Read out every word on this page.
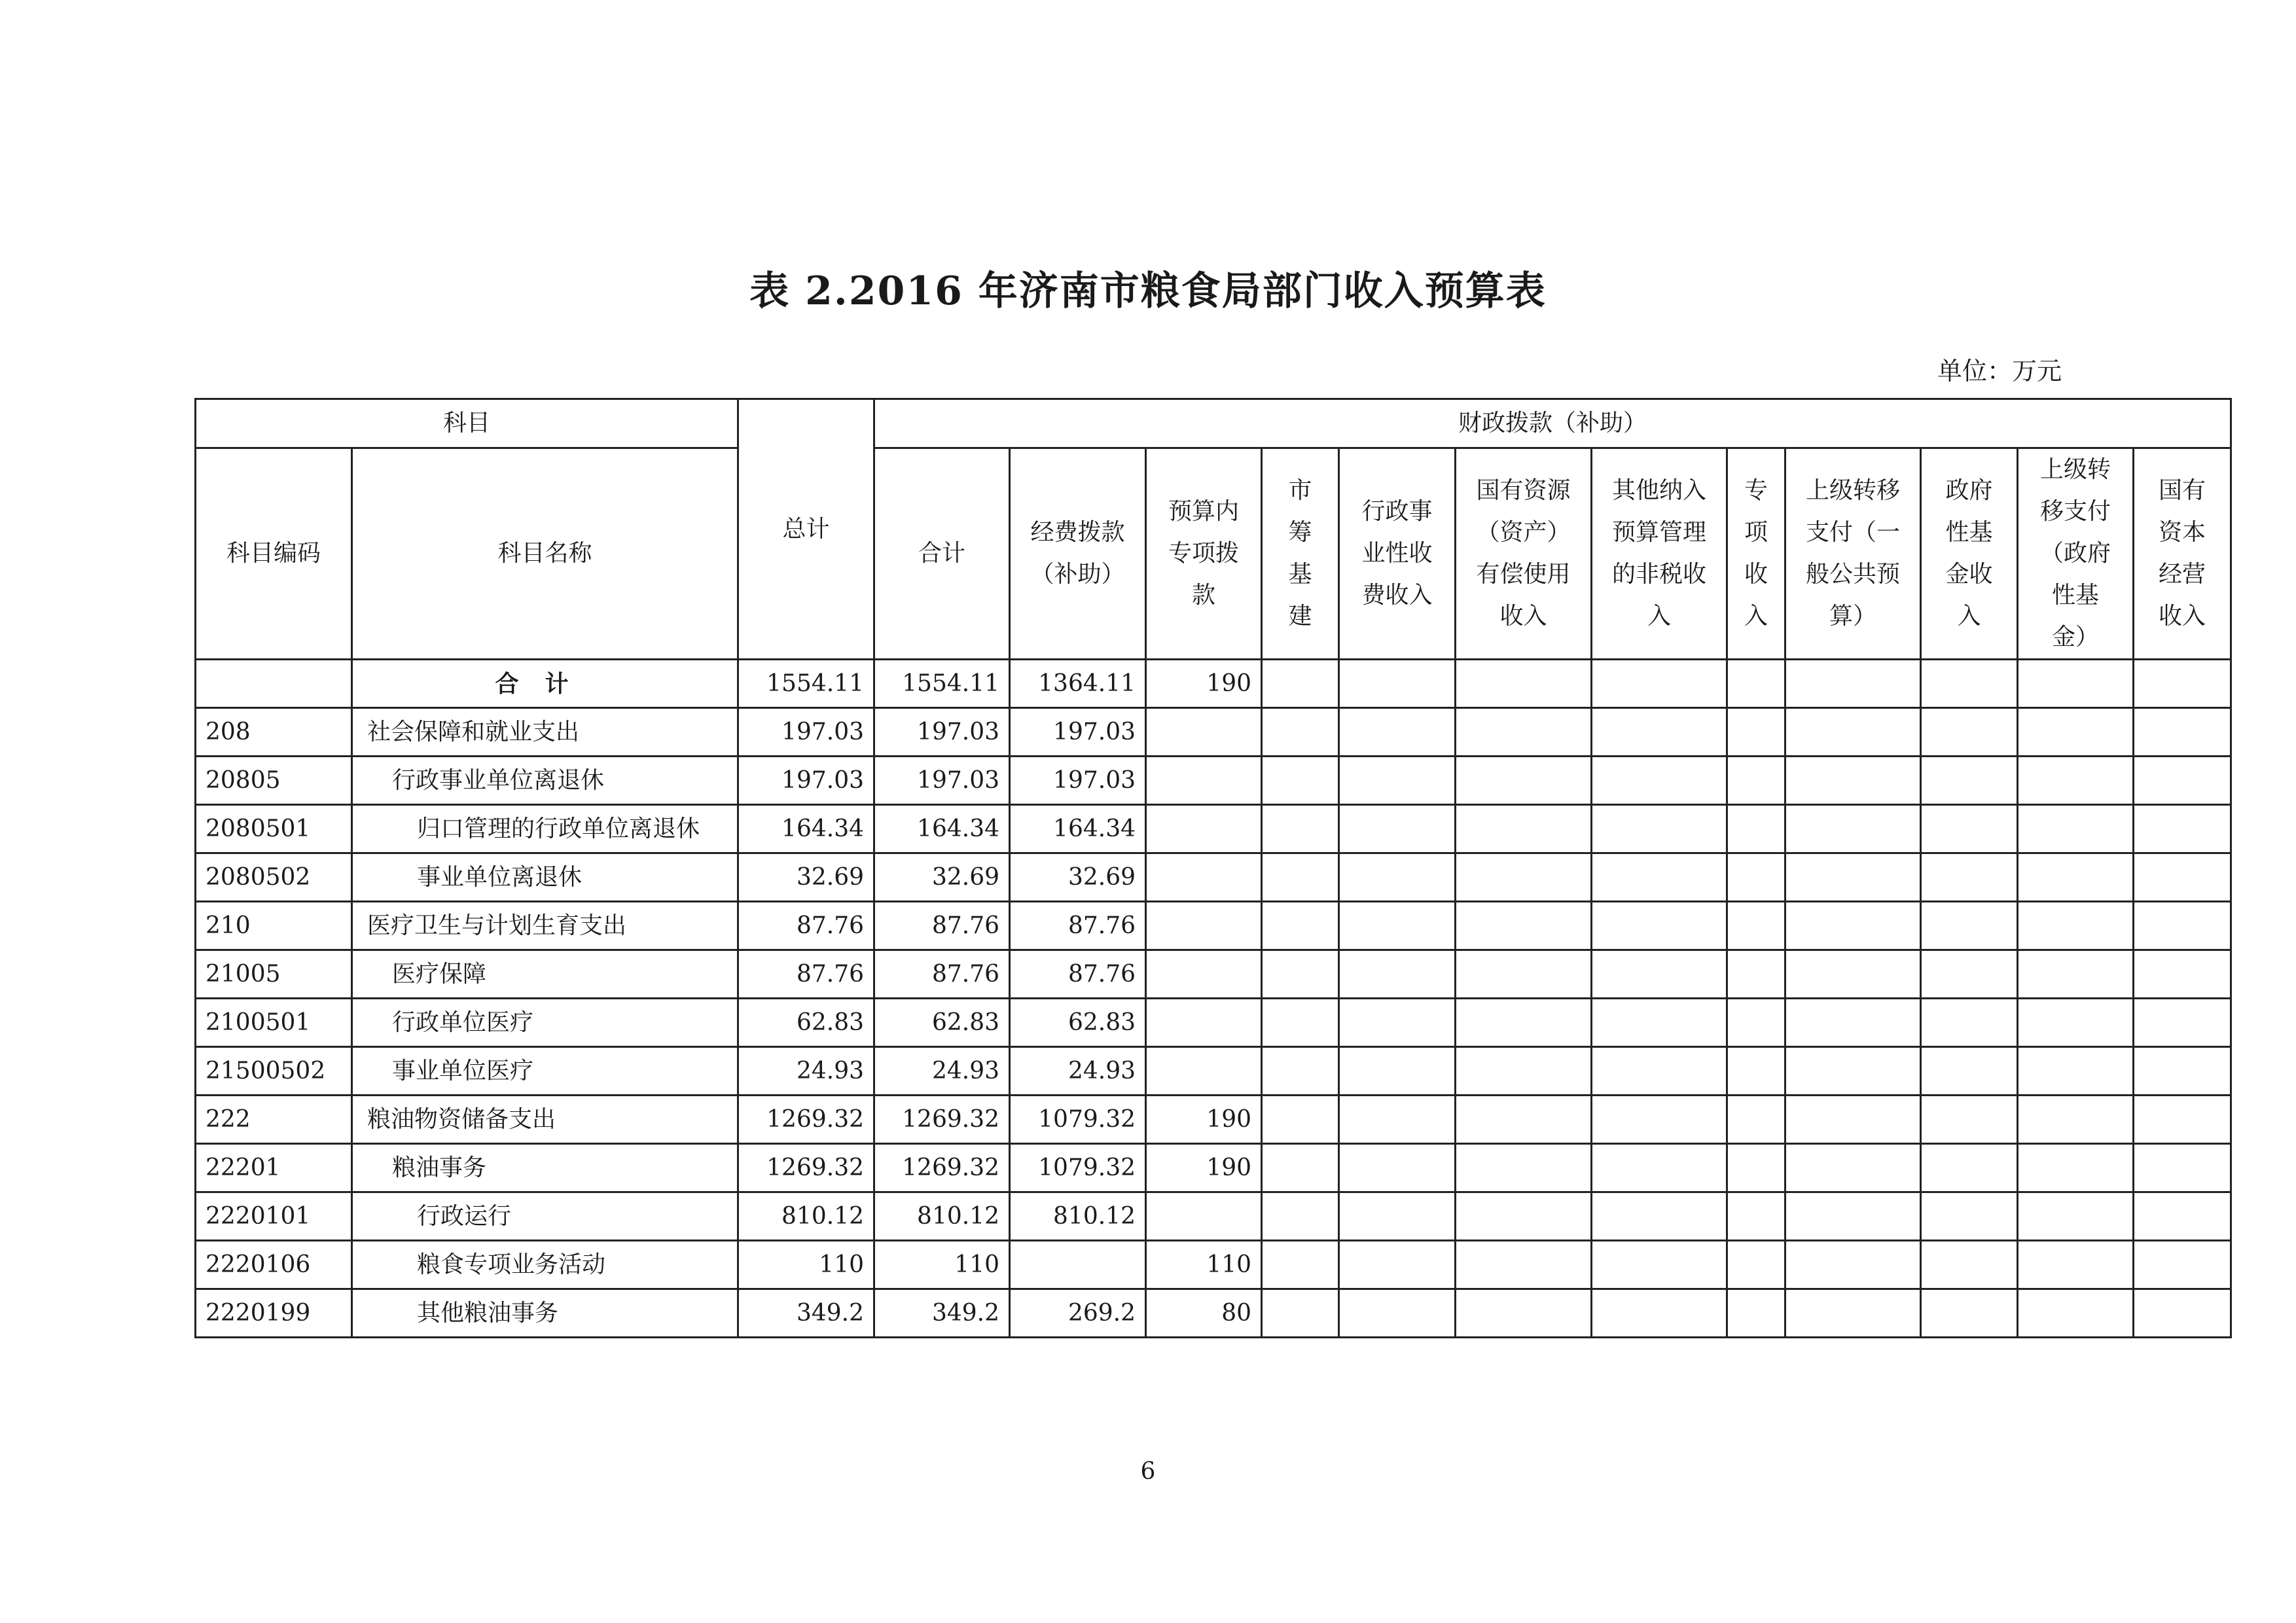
表 2.2016 年济南市粮食局部门收入预算表
单位：万元
科目		总计	财政拨款（补助）											
科目编码	科目名称		合计	经费拨款（补助）	预算内专项拨款	市筹基建	行政事业性收费收入	国有资源（资产）有偿使用收入	其他纳入预算管理的非税收入	专项收入	上级转移支付（一般公共预算）	政府性基金收入	上级转移支付（政府性基金）	国有资本经营收入

	合计	1554.11	1554.11	1364.11	190									
208	社会保障和就业支出	197.03	197.03	197.03										
20805	行政事业单位离退休	197.03	197.03	197.03										
2080501	归口管理的行政单位离退休	164.34	164.34	164.34										
2080502	事业单位离退休	32.69	32.69	32.69										
210	医疗卫生与计划生育支出	87.76	87.76	87.76										
21005	医疗保障	87.76	87.76	87.76										
2100501	行政单位医疗	62.83	62.83	62.83										
21500502	事业单位医疗	24.93	24.93	24.93										
222	粮油物资储备支出	1269.32	1269.32	1079.32	190									
22201	粮油事务	1269.32	1269.32	1079.32	190									
2220101	行政运行	810.12	810.12	810.12										
2220106	粮食专项业务活动	110	110		110									
2220199	其他粮油事务	349.2	349.2	269.2	80									
6
